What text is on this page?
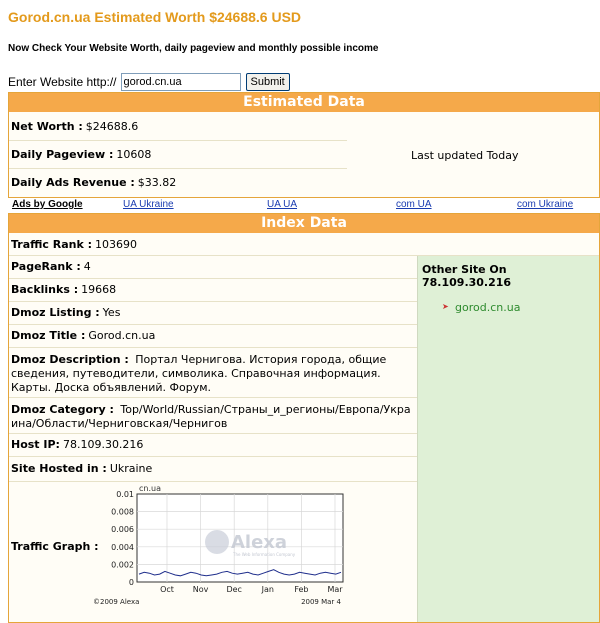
Gorod.cn.ua Estimated Worth $24688.6 USD
Now Check Your Website Worth, daily pageview and monthly possible income
Enter Website http://
gorod.cn.ua	Submit
Estimated Data
Net Worth : $24688.6
Daily Pageview : 10608
Daily Ads Revenue : $33.82
Last updated Today
Ads by Google	UA Ukraine	UA UA	com UA	com Ukraine
Index Data
Traffic Rank : 103690
PageRank : 4
Backlinks : 19668
Dmoz Listing : Yes
Dmoz Title : Gorod.cn.ua
Dmoz Description : Портал Чернигова. История города, общие сведения, путеводители, символика. Справочная информация. Карты. Доска объявлений. Форум.
Dmoz Category : Top/World/Russian/Страны_и_регионы/Европа/Украина/Области/Черниговская/Чернигов
Host IP: 78.109.30.216
Site Hosted in : Ukraine
Traffic Graph :
cn.ua
0.01
0.008
0.006
0.004
0.002
0
Oct Nov Dec Jan	Feb Mar
Alexa
The Web Information Company
©2009 Alexa	2009 Mar 4
Other Site On 78.109.30.216
➤ gorod.cn.ua
